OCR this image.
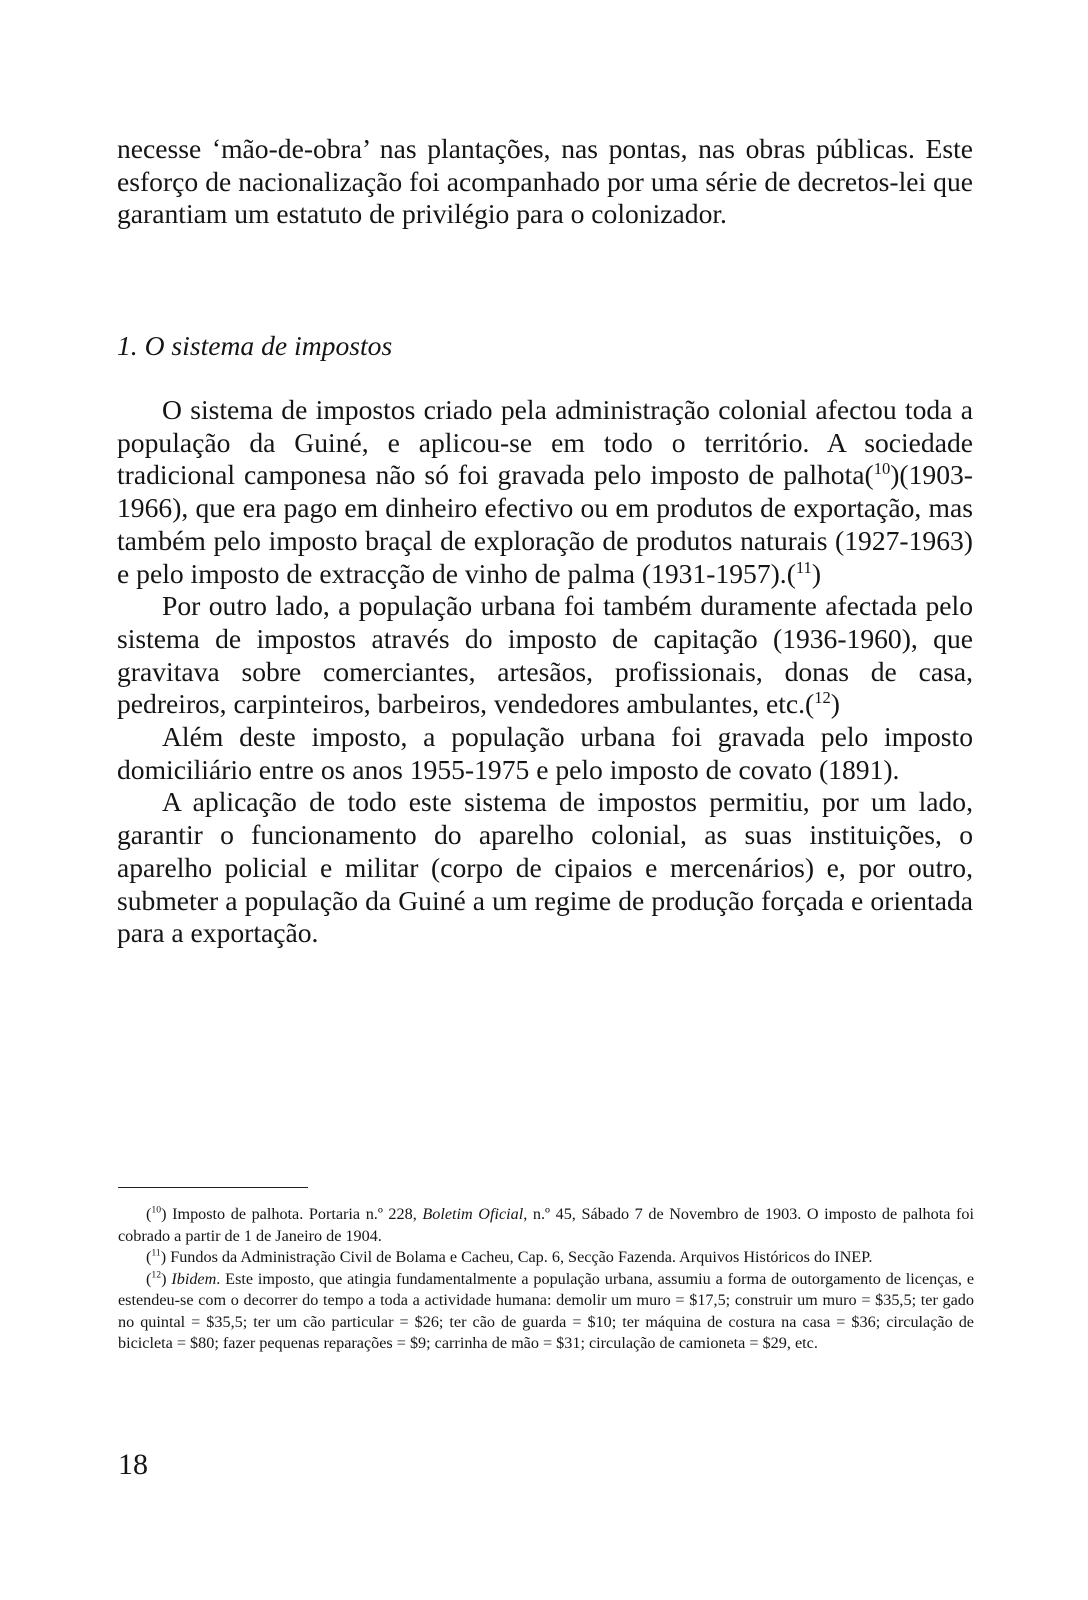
necesse ‘mão-de-obra’ nas plantações, nas pontas, nas obras públicas. Este esforço de nacionalização foi acompanhado por uma série de decretos-lei que garantiam um estatuto de privilégio para o colonizador.

1. O sistema de impostos

O sistema de impostos criado pela administração colonial afectou toda a população da Guiné, e aplicou-se em todo o território. A sociedade tradicional camponesa não só foi gravada pelo imposto de palhota($^{10}$)(1903-1966), que era pago em dinheiro efectivo ou em produtos de exportação, mas também pelo imposto braçal de exploração de produtos naturais (1927-1963) e pelo imposto de extracção de vinho de palma (1931-1957).($^{11}$)

Por outro lado, a população urbana foi também duramente afectada pelo sistema de impostos através do imposto de capitação (1936-1960), que gravitava sobre comerciantes, artesãos, profissionais, donas de casa, pedreiros, carpinteiros, barbeiros, vendedores ambulantes, etc.($^{12}$)

Além deste imposto, a população urbana foi gravada pelo imposto domiciliário entre os anos 1955-1975 e pelo imposto de covato (1891).

A aplicação de todo este sistema de impostos permitiu, por um lado, garantir o funcionamento do aparelho colonial, as suas instituições, o aparelho policial e militar (corpo de cipaios e mercenários) e, por outro, submeter a população da Guiné a um regime de produção forçada e orientada para a exportação.

($^{10}$) Imposto de palhota. Portaria n.º 228, Boletim Oficial, n.º 45, Sábado 7 de Novembro de 1903. O imposto de palhota foi cobrado a partir de 1 de Janeiro de 1904.

($^{11}$) Fundos da Administração Civil de Bolama e Cacheu, Cap. 6, Secção Fazenda. Arquivos Históricos do INEP.

($^{12}$) Ibidem. Este imposto, que atingia fundamentalmente a população urbana, assumiu a forma de outorgamento de licenças, e estendeu-se com o decorrer do tempo a toda a actividade humana: demolir um muro = $17,5; construir um muro = $35,5; ter gado no quintal = $35,5; ter um cão particular = $26; ter cão de guarda = $10; ter máquina de costura na casa = $36; circulação de bicicleta = $80; fazer pequenas reparações = $9; carrinha de mão = $31; circulação de camioneta = $29, etc.

18
